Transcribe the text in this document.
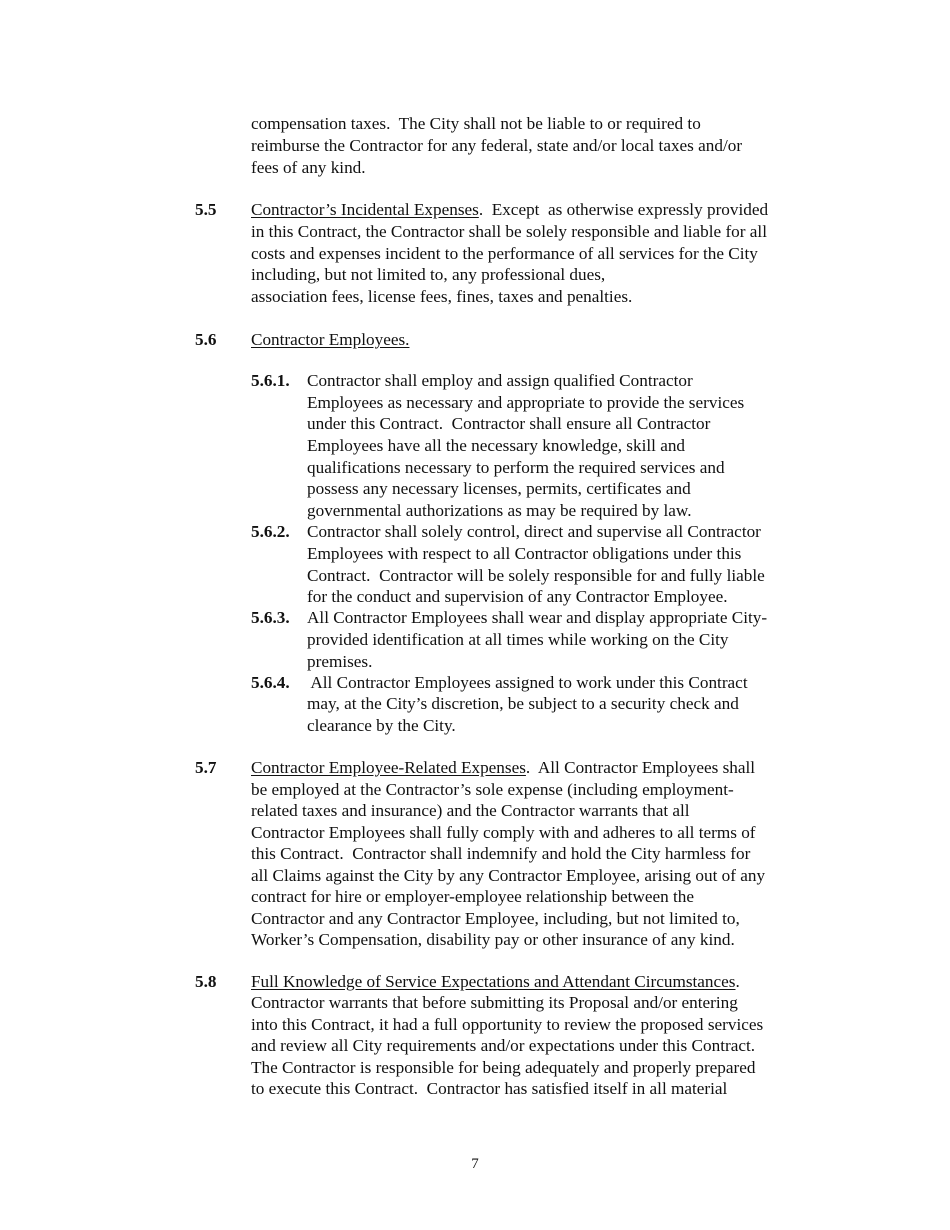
compensation taxes.  The City shall not be liable to or required to
reimburse the Contractor for any federal, state and/or local taxes and/or
fees of any kind.
5.5 Contractor’s Incidental Expenses.  Except  as otherwise expressly provided
in this Contract, the Contractor shall be solely responsible and liable for all
costs and expenses incident to the performance of all services for the City
including, but not limited to, any professional dues,
association fees, license fees, fines, taxes and penalties.
5.6 Contractor Employees.
5.6.1. Contractor shall employ and assign qualified Contractor
Employees as necessary and appropriate to provide the services
under this Contract.  Contractor shall ensure all Contractor
Employees have all the necessary knowledge, skill and
qualifications necessary to perform the required services and
possess any necessary licenses, permits, certificates and
governmental authorizations as may be required by law.
5.6.2. Contractor shall solely control, direct and supervise all Contractor
Employees with respect to all Contractor obligations under this
Contract.  Contractor will be solely responsible for and fully liable
for the conduct and supervision of any Contractor Employee.
5.6.3. All Contractor Employees shall wear and display appropriate City-
provided identification at all times while working on the City
premises.
5.6.4. All Contractor Employees assigned to work under this Contract
may, at the City’s discretion, be subject to a security check and
clearance by the City.
5.7 Contractor Employee-Related Expenses.  All Contractor Employees shall
be employed at the Contractor’s sole expense (including employment-
related taxes and insurance) and the Contractor warrants that all
Contractor Employees shall fully comply with and adheres to all terms of
this Contract.  Contractor shall indemnify and hold the City harmless for
all Claims against the City by any Contractor Employee, arising out of any
contract for hire or employer-employee relationship between the
Contractor and any Contractor Employee, including, but not limited to,
Worker’s Compensation, disability pay or other insurance of any kind.
5.8 Full Knowledge of Service Expectations and Attendant Circumstances.
Contractor warrants that before submitting its Proposal and/or entering
into this Contract, it had a full opportunity to review the proposed services
and review all City requirements and/or expectations under this Contract.
The Contractor is responsible for being adequately and properly prepared
to execute this Contract.  Contractor has satisfied itself in all material
7
